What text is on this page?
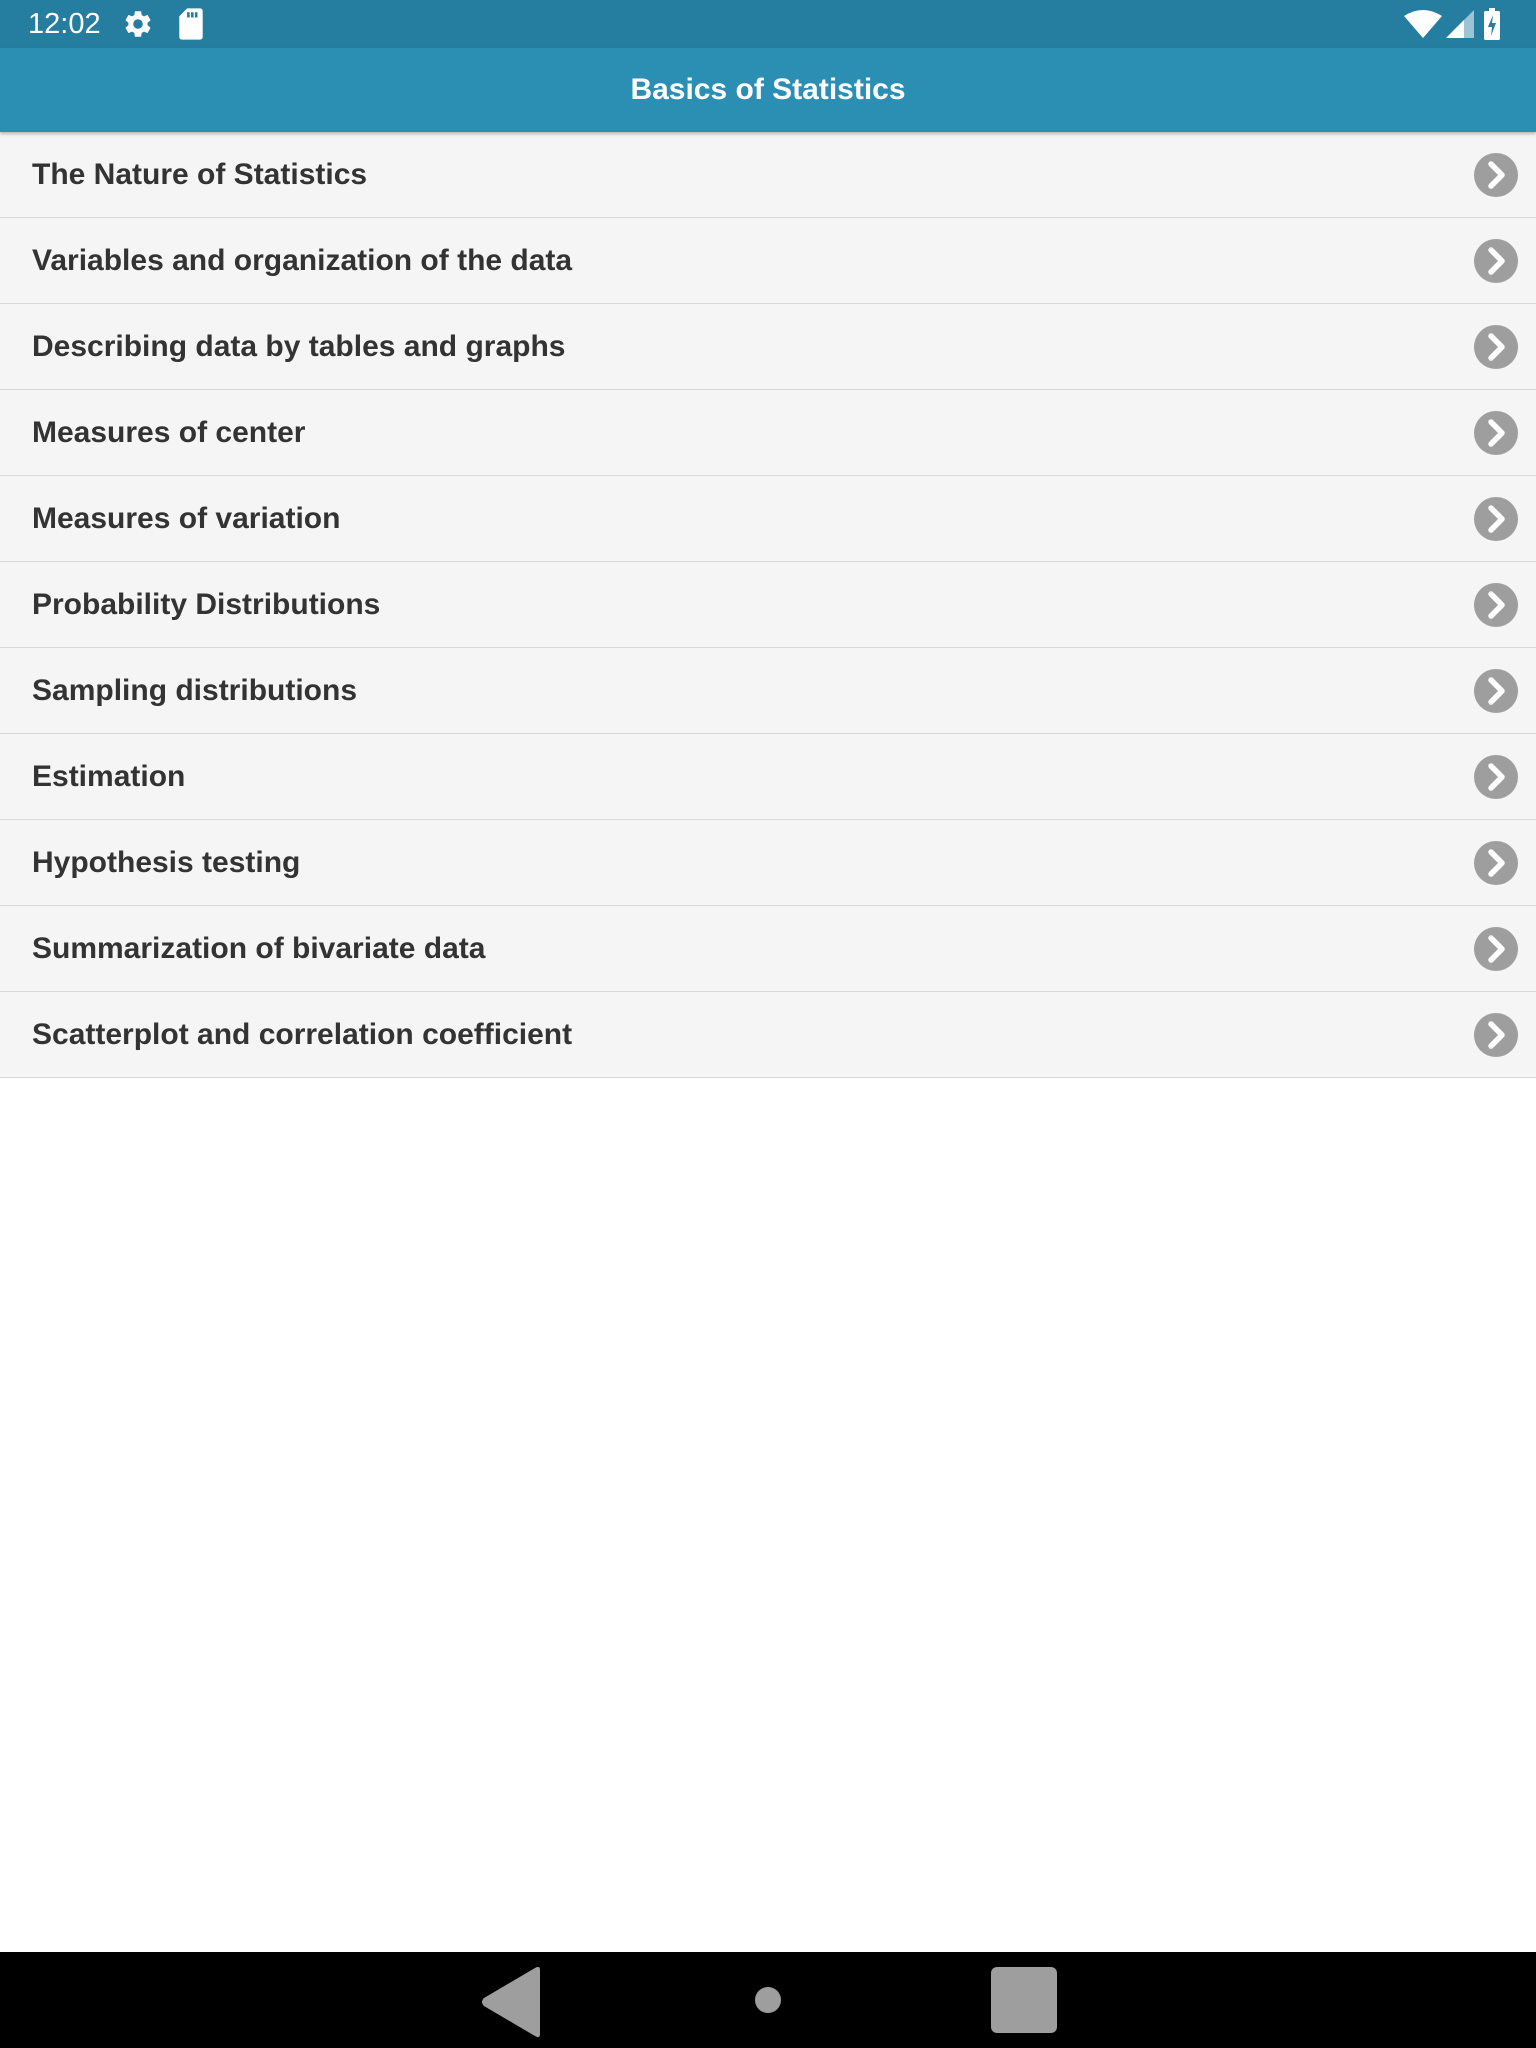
12:02
Basics of Statistics
The Nature of Statistics
Variables and organization of the data
Describing data by tables and graphs
Measures of center
Measures of variation
Probability Distributions
Sampling distributions
Estimation
Hypothesis testing
Summarization of bivariate data
Scatterplot and correlation coefficient
